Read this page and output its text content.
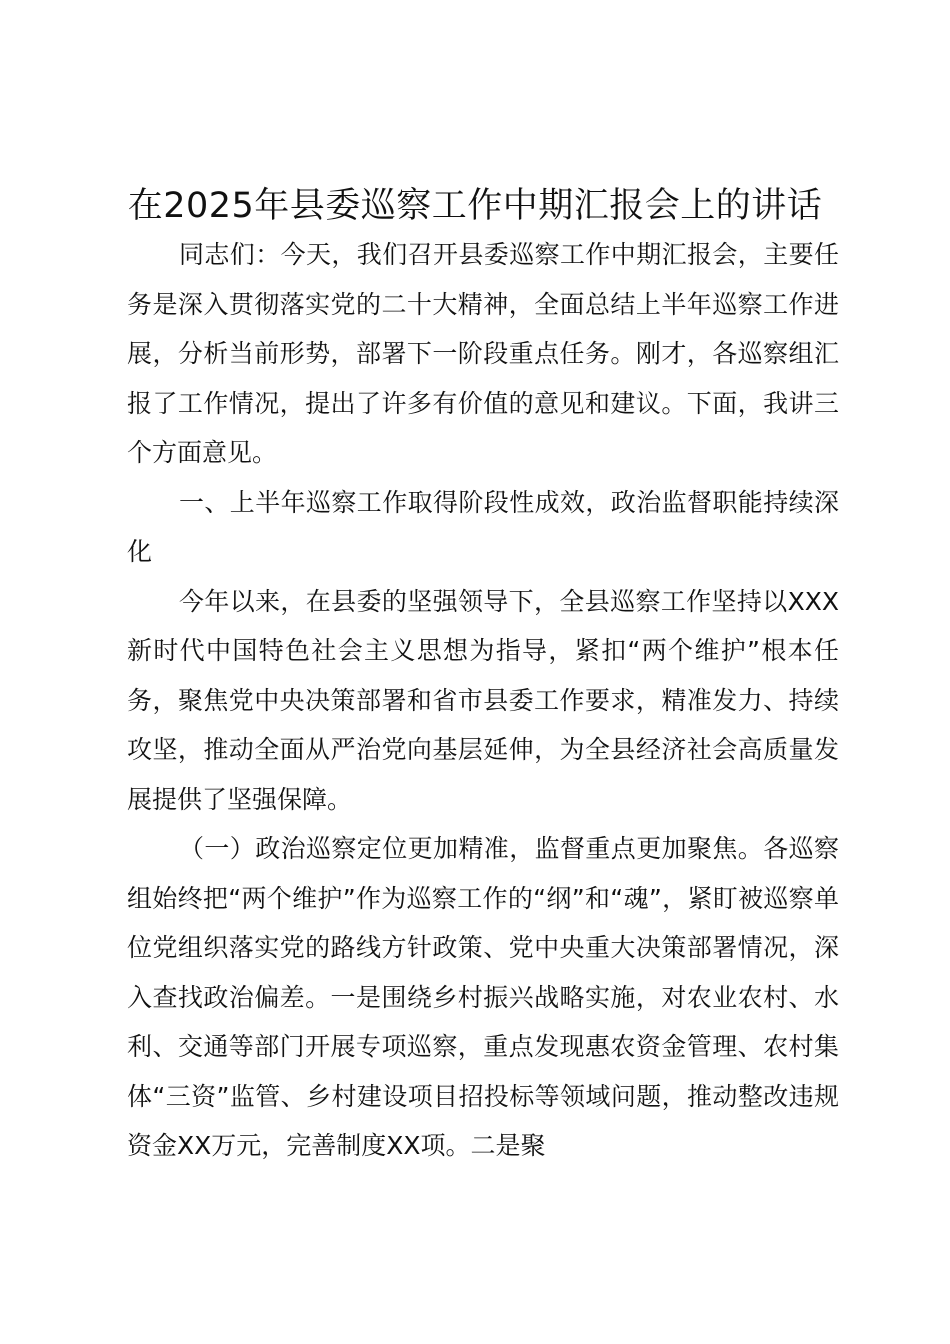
在2025年县委巡察工作中期汇报会上的讲话

同志们：今天，我们召开县委巡察工作中期汇报会，主要任务是深入贯彻落实党的二十大精神，全面总结上半年巡察工作进展，分析当前形势，部署下一阶段重点任务。刚才，各巡察组汇报了工作情况，提出了许多有价值的意见和建议。下面，我讲三个方面意见。

一、上半年巡察工作取得阶段性成效，政治监督职能持续深化

今年以来，在县委的坚强领导下，全县巡察工作坚持以XXX新时代中国特色社会主义思想为指导，紧扣“两个维护”根本任务，聚焦党中央决策部署和省市县委工作要求，精准发力、持续攻坚，推动全面从严治党向基层延伸，为全县经济社会高质量发展提供了坚强保障。

（一）政治巡察定位更加精准，监督重点更加聚焦。各巡察组始终把“两个维护”作为巡察工作的“纲”和“魂”，紧盯被巡察单位党组织落实党的路线方针政策、党中央重大决策部署情况，深入查找政治偏差。一是围绕乡村振兴战略实施，对农业农村、水利、交通等部门开展专项巡察，重点发现惠农资金管理、农村集体“三资”监管、乡村建设项目招投标等领域问题，推动整改违规资金XX万元，完善制度XX项。二是聚
